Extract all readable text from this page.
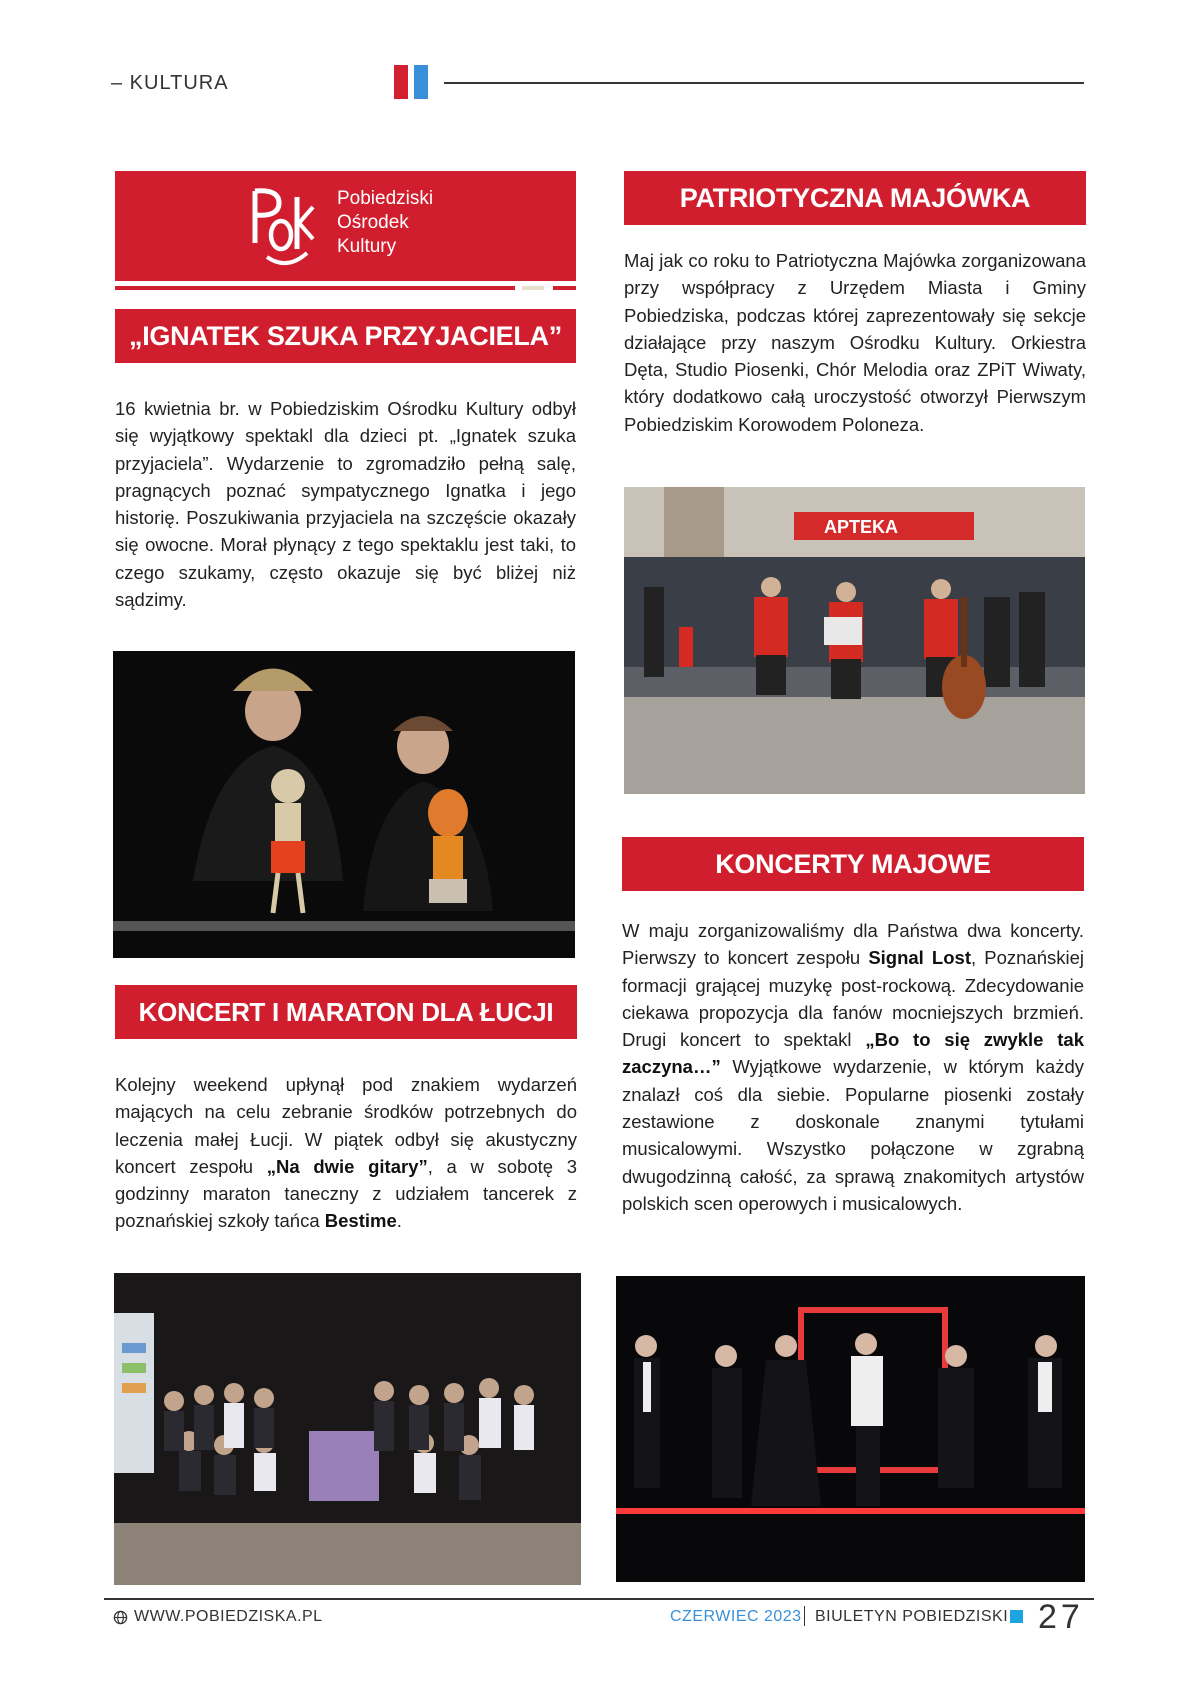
– KULTURA
Pobiedziski
Ośrodek
Kultury
„IGNATEK SZUKA PRZYJACIELA”

16 kwietnia br. w Pobiedziskim Ośrodku Kultury odbył się wyjątkowy spektakl dla dzieci pt. „Ignatek szuka przyjaciela”. Wydarzenie to zgromadziło pełną salę, pragnących poznać sympatycznego Ignatka i jego historię. Poszukiwania przyjaciela na szczęście okazały się owocne. Morał płynący z tego spektaklu jest taki, to czego szukamy, często okazuje się być bliżej niż sądzimy.

KONCERT I MARATON DLA ŁUCJI

Kolejny weekend upłynął pod znakiem wydarzeń mających na celu zebranie środków potrzebnych do leczenia małej Łucji. W piątek odbył się akustyczny koncert zespołu „Na dwie gitary”, a w sobotę 3 godzinny maraton taneczny z udziałem tancerek z poznańskiej szkoły tańca Bestime.

PATRIOTYCZNA MAJÓWKA

Maj jak co roku to Patriotyczna Majówka zorganizowana przy współpracy z Urzędem Miasta i Gminy Pobiedziska, podczas której zaprezentowały się sekcje działające przy naszym Ośrodku Kultury. Orkiestra Dęta, Studio Piosenki, Chór Melodia oraz ZPiT Wiwaty, który dodatkowo całą uroczystość otworzył Pierwszym Pobiedziskim Korowodem Poloneza.

APTEKA
KONCERTY MAJOWE

W maju zorganizowaliśmy dla Państwa dwa koncerty. Pierwszy to koncert zespołu Signal Lost, Poznańskiej formacji grającej muzykę post-rockową. Zdecydowanie ciekawa propozycja dla fanów mocniejszych brzmień. Drugi koncert to spektakl „Bo to się zwykle tak zaczyna…” Wyjątkowe wydarzenie, w którym każdy znalazł coś dla siebie. Popularne piosenki zostały zestawione z doskonale znanymi tytułami musicalowymi. Wszystko połączone w zgrabną dwugodzinną całość, za sprawą znakomitych artystów polskich scen operowych i musicalowych.

WWW.POBIEDZISKA.PL	CZERWIEC 2023 BIULETYN POBIEDZISKI 27
